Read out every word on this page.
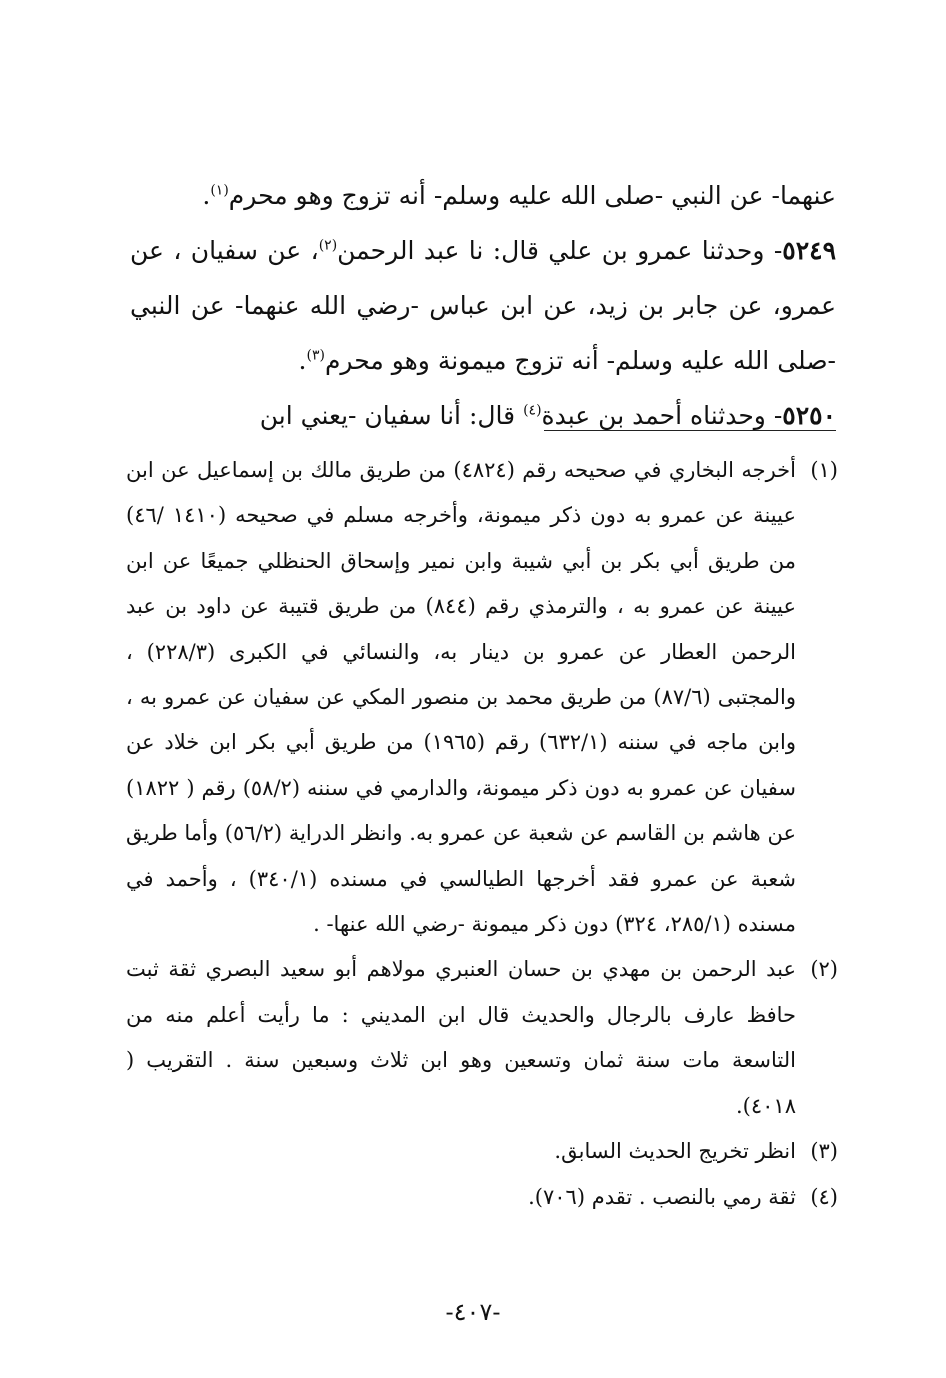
عنهما- عن النبي -صلى الله عليه وسلم- أنه تزوج وهو محرم$^{(١)}$.

٥٢٤٩- وحدثنا عمرو بن علي قال: نا عبد الرحمن$^{(٢)}$، عن سفيان ، عن عمرو، عن جابر بن زيد، عن ابن عباس -رضي الله عنهما- عن النبي -صلى الله عليه وسلم- أنه تزوج ميمونة وهو محرم$^{(٣)}$.

٥٢٥٠- وحدثناه أحمد بن عبدة$^{(٤)}$ قال: أنا سفيان -يعني ابن

(١)
أخرجه البخاري في صحيحه رقم (٤٨٢٤) من طريق مالك بن إسماعيل عن ابن عيينة عن عمرو به دون ذكر ميمونة، وأخرجه مسلم في صحيحه (١٤١٠ /٤٦) من طريق أبي بكر بن أبي شيبة وابن نمير وإسحاق الحنظلي جميعًا عن ابن عيينة عن عمرو به ، والترمذي رقم (٨٤٤) من طريق قتيبة عن داود بن عبد الرحمن العطار عن عمرو بن دينار به، والنسائي في الكبرى (٢٢٨/٣) ، والمجتبى (٨٧/٦) من طريق محمد بن منصور المكي عن سفيان عن عمرو به ، وابن ماجه في سننه (٦٣٢/١) رقم (١٩٦٥) من طريق أبي بكر ابن خلاد عن سفيان عن عمرو به دون ذكر ميمونة، والدارمي في سننه (٥٨/٢) رقم ( ١٨٢٢) عن هاشم بن القاسم عن شعبة عن عمرو به. وانظر الدراية (٥٦/٢) وأما طريق شعبة عن عمرو فقد أخرجها الطيالسي في مسنده (٣٤٠/١) ، وأحمد في مسنده (٢٨٥/١، ٣٢٤) دون ذكر ميمونة -رضي الله عنها- .

(٢)
عبد الرحمن بن مهدي بن حسان العنبري مولاهم أبو سعيد البصري ثقة ثبت حافظ عارف بالرجال والحديث قال ابن المديني : ما رأيت أعلم منه من التاسعة مات سنة ثمان وتسعين وهو ابن ثلاث وسبعين سنة . التقريب ( ٤٠١٨).

(٣)
انظر تخريج الحديث السابق.

(٤)
ثقة رمي بالنصب . تقدم (٧٠٦).

-٤٠٧-
